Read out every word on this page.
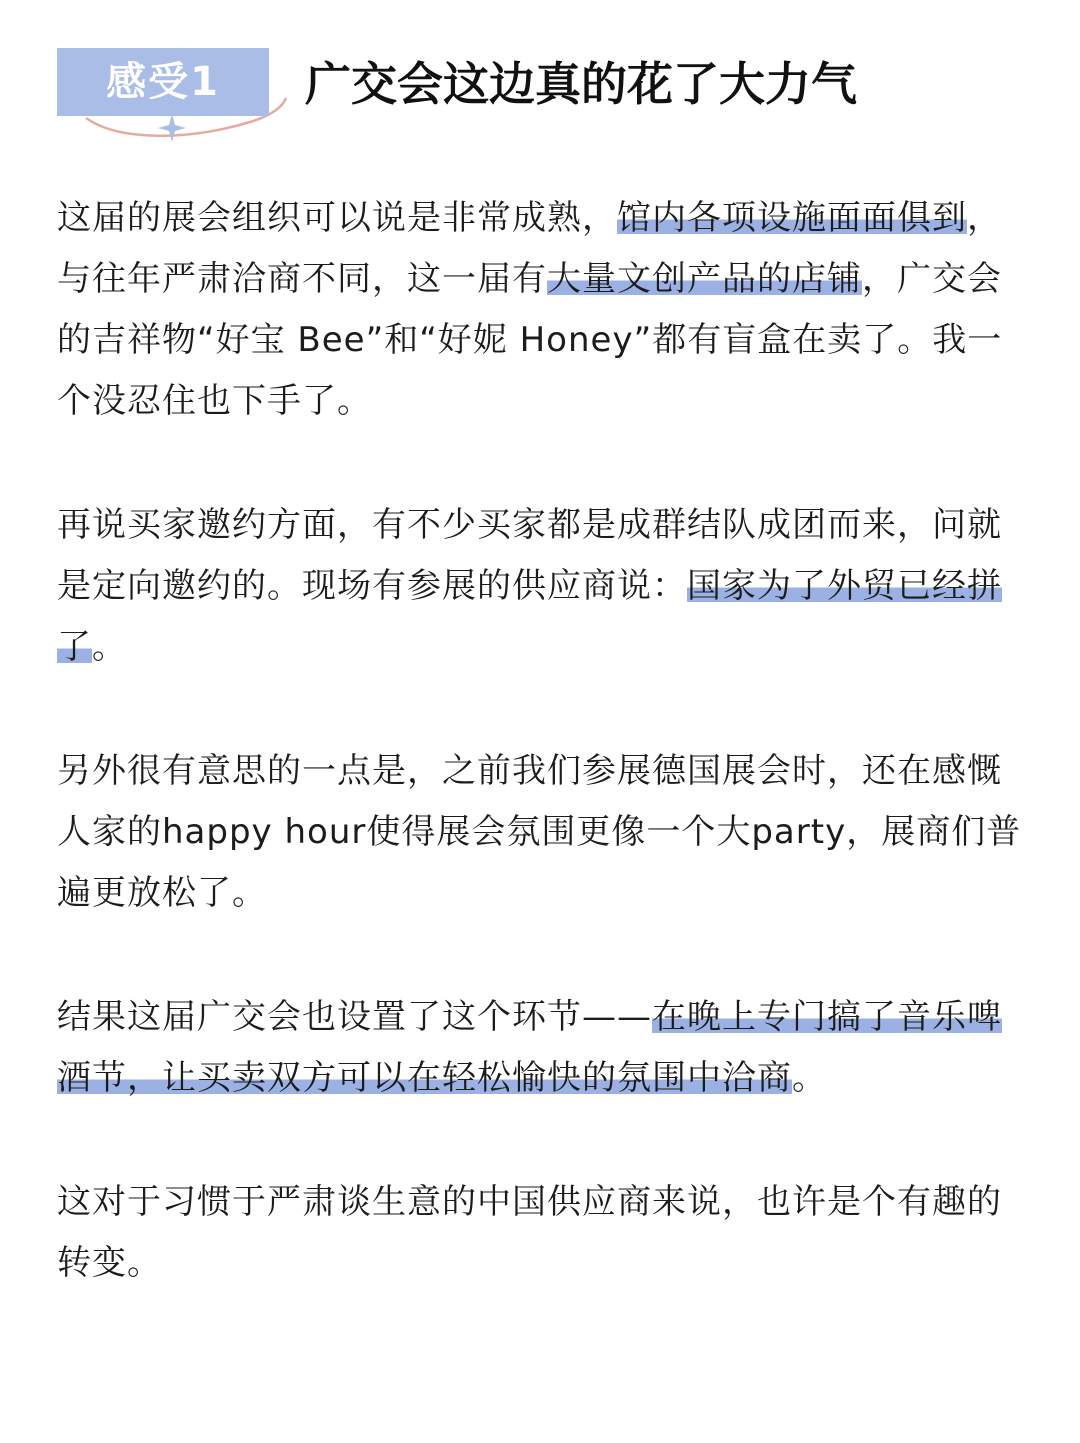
感受1	广交会这边真的花了大力气

这届的展会组织可以说是非常成熟，馆内各项设施面面俱到，与往年严肃洽商不同，这一届有大量文创产品的店铺，广交会的吉祥物“好宝 Bee”和“好妮 Honey”都有盲盒在卖了。我一个没忍住也下手了。

再说买家邀约方面，有不少买家都是成群结队成团而来，问就是定向邀约的。现场有参展的供应商说：国家为了外贸已经拼了。

另外很有意思的一点是，之前我们参展德国展会时，还在感慨人家的happy hour使得展会氛围更像一个大party，展商们普遍更放松了。

结果这届广交会也设置了这个环节——在晚上专门搞了音乐啤酒节，让买卖双方可以在轻松愉快的氛围中洽商。

这对于习惯于严肃谈生意的中国供应商来说，也许是个有趣的转变。
